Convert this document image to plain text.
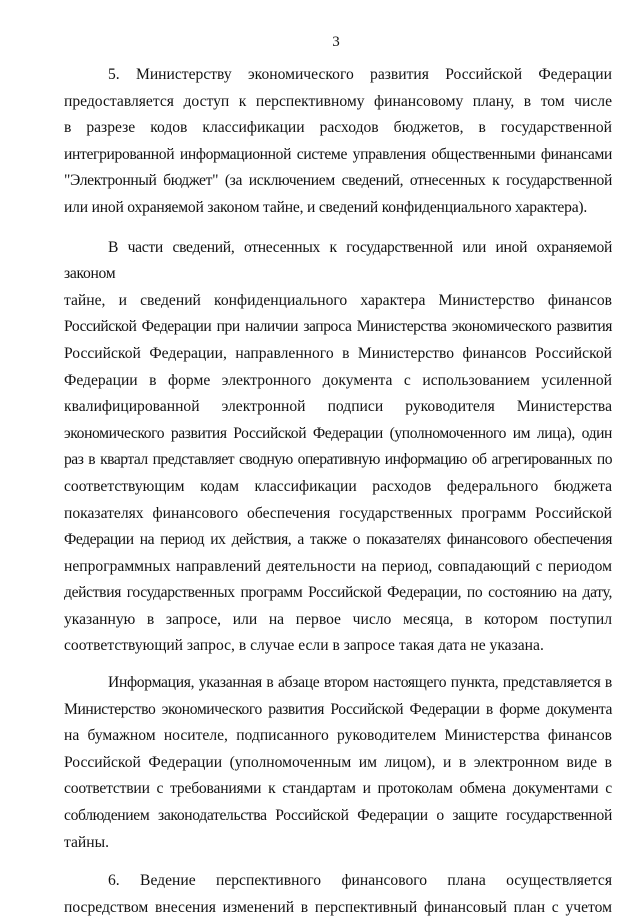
3

5. Министерству экономического развития Российской Федерации

предоставляется доступ к перспективному финансовому плану, в том числе

в разрезе кодов классификации расходов бюджетов, в государственной

интегрированной информационной системе управления общественными финансами

"Электронный бюджет" (за исключением сведений, отнесенных к государственной

или иной охраняемой законом тайне, и сведений конфиденциального характера).

В части сведений, отнесенных к государственной или иной охраняемой законом

тайне, и сведений конфиденциального характера Министерство финансов

Российской Федерации при наличии запроса Министерства экономического развития

Российской Федерации, направленного в Министерство финансов Российской

Федерации в форме электронного документа с использованием усиленной

квалифицированной электронной подписи руководителя Министерства

экономического развития Российской Федерации (уполномоченного им лица), один

раз в квартал представляет сводную оперативную информацию об агрегированных по

соответствующим кодам классификации расходов федерального бюджета

показателях финансового обеспечения государственных программ Российской

Федерации на период их действия, а также о показателях финансового обеспечения

непрограммных направлений деятельности на период, совпадающий с периодом

действия государственных программ Российской Федерации, по состоянию на дату,

указанную в запросе, или на первое число месяца, в котором поступил

соответствующий запрос, в случае если в запросе такая дата не указана.

Информация, указанная в абзаце втором настоящего пункта, представляется в

Министерство экономического развития Российской Федерации в форме документа

на бумажном носителе, подписанного руководителем Министерства финансов

Российской Федерации (уполномоченным им лицом), и в электронном виде в

соответствии с требованиями к стандартам и протоколам обмена документами с

соблюдением законодательства Российской Федерации о защите государственной

тайны.

6. Ведение перспективного финансового плана осуществляется

посредством внесения изменений в перспективный финансовый план с учетом
